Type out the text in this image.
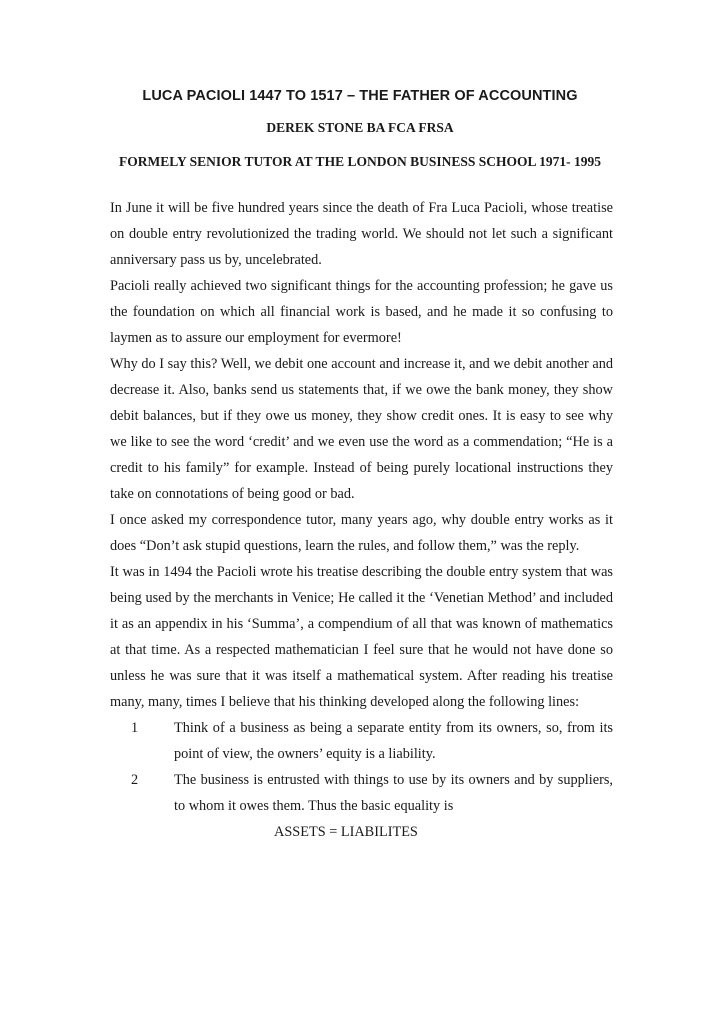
LUCA PACIOLI 1447 TO 1517 – THE FATHER OF ACCOUNTING
DEREK STONE BA FCA FRSA
FORMELY SENIOR TUTOR AT THE LONDON BUSINESS SCHOOL 1971- 1995

In June it will be five hundred years since the death of Fra Luca Pacioli, whose treatise on double entry revolutionized the trading world. We should not let such a significant anniversary pass us by, uncelebrated.

Pacioli really achieved two significant things for the accounting profession; he gave us the foundation on which all financial work is based, and he made it so confusing to laymen as to assure our employment for evermore!

Why do I say this? Well, we debit one account and increase it, and we debit another and decrease it. Also, banks send us statements that, if we owe the bank money, they show debit balances, but if they owe us money, they show credit ones. It is easy to see why we like to see the word ‘credit’ and we even use the word as a commendation; “He is a credit to his family” for example. Instead of being purely locational instructions they take on connotations of being good or bad.

I once asked my correspondence tutor, many years ago, why double entry works as it does “Don’t ask stupid questions, learn the rules, and follow them,” was the reply.

It was in 1494 the Pacioli wrote his treatise describing the double entry system that was being used by the merchants in Venice; He called it the ‘Venetian Method’ and included it as an appendix in his ‘Summa’, a compendium of all that was known of mathematics at that time. As a respected mathematician I feel sure that he would not have done so unless he was sure that it was itself a mathematical system. After reading his treatise many, many, times I believe that his thinking developed along the following lines:

1	Think of a business as being a separate entity from its owners, so, from its point of view, the owners’ equity is a liability.
2	The business is entrusted with things to use by its owners and by suppliers, to whom it owes them. Thus the basic equality is
ASSETS = LIABILITES
